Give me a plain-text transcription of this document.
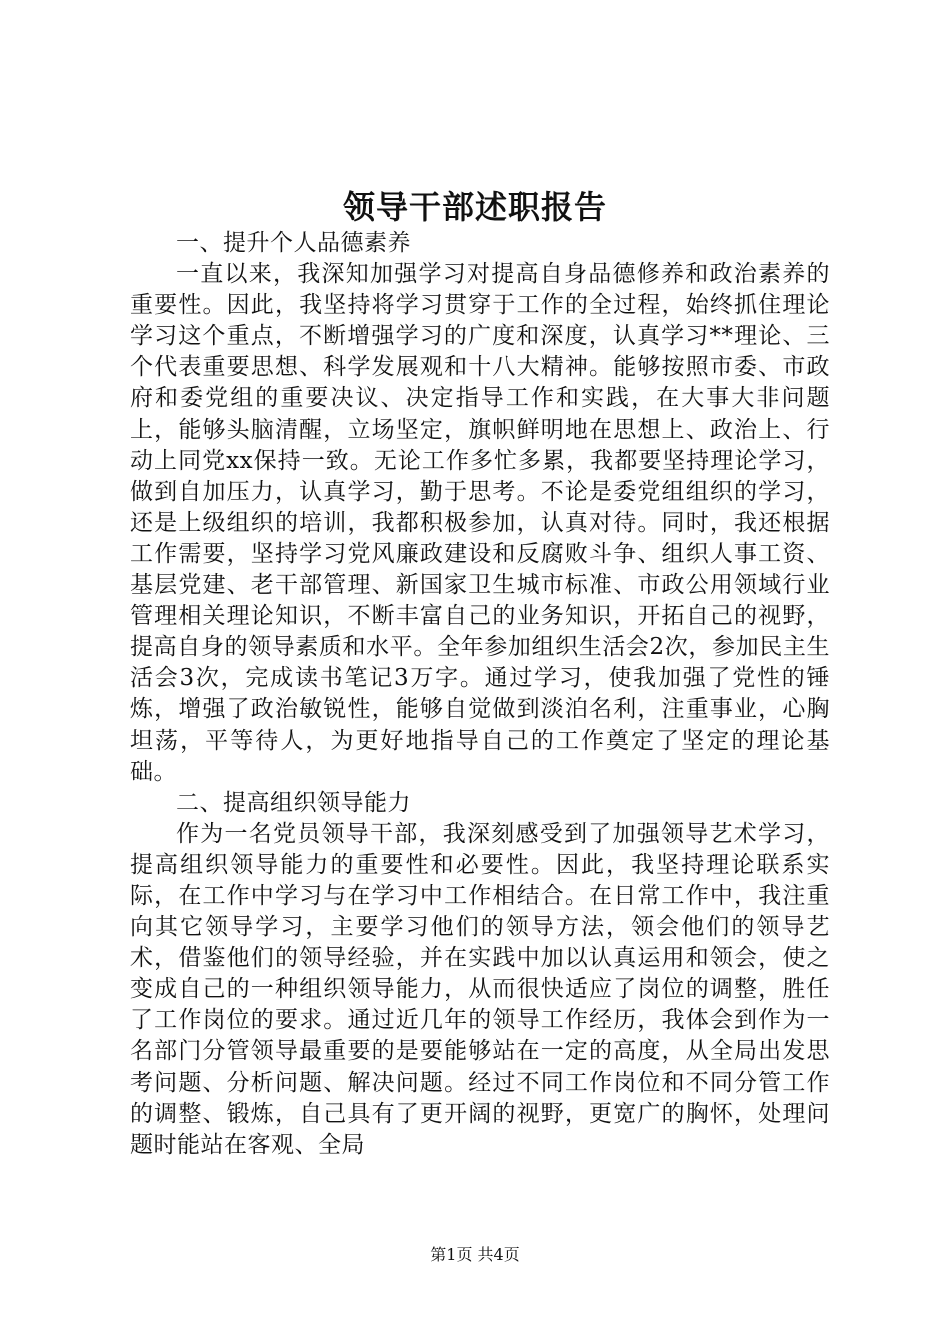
领导干部述职报告
一、提升个人品德素养
一直以来，我深知加强学习对提高自身品德修养和政治素养的重要性。因此，我坚持将学习贯穿于工作的全过程，始终抓住理论学习这个重点，不断增强学习的广度和深度，认真学习**理论、三个代表重要思想、科学发展观和十八大精神。能够按照市委、市政府和委党组的重要决议、决定指导工作和实践，在大事大非问题上，能够头脑清醒，立场坚定，旗帜鲜明地在思想上、政治上、行动上同党xx保持一致。无论工作多忙多累，我都要坚持理论学习，做到自加压力，认真学习，勤于思考。不论是委党组组织的学习，还是上级组织的培训，我都积极参加，认真对待。同时，我还根据工作需要，坚持学习党风廉政建设和反腐败斗争、组织人事工资、基层党建、老干部管理、新国家卫生城市标准、市政公用领域行业管理相关理论知识，不断丰富自己的业务知识，开拓自己的视野，提高自身的领导素质和水平。全年参加组织生活会2次，参加民主生活会3次，完成读书笔记3万字。通过学习，使我加强了党性的锤炼，增强了政治敏锐性，能够自觉做到淡泊名利，注重事业，心胸坦荡，平等待人，为更好地指导自己的工作奠定了坚定的理论基础。
二、提高组织领导能力
作为一名党员领导干部，我深刻感受到了加强领导艺术学习，提高组织领导能力的重要性和必要性。因此，我坚持理论联系实际，在工作中学习与在学习中工作相结合。在日常工作中，我注重向其它领导学习，主要学习他们的领导方法，领会他们的领导艺术，借鉴他们的领导经验，并在实践中加以认真运用和领会，使之变成自己的一种组织领导能力，从而很快适应了岗位的调整，胜任了工作岗位的要求。通过近几年的领导工作经历，我体会到作为一名部门分管领导最重要的是要能够站在一定的高度，从全局出发思考问题、分析问题、解决问题。经过不同工作岗位和不同分管工作的调整、锻炼，自己具有了更开阔的视野，更宽广的胸怀，处理问题时能站在客观、全局
第1页 共4页
